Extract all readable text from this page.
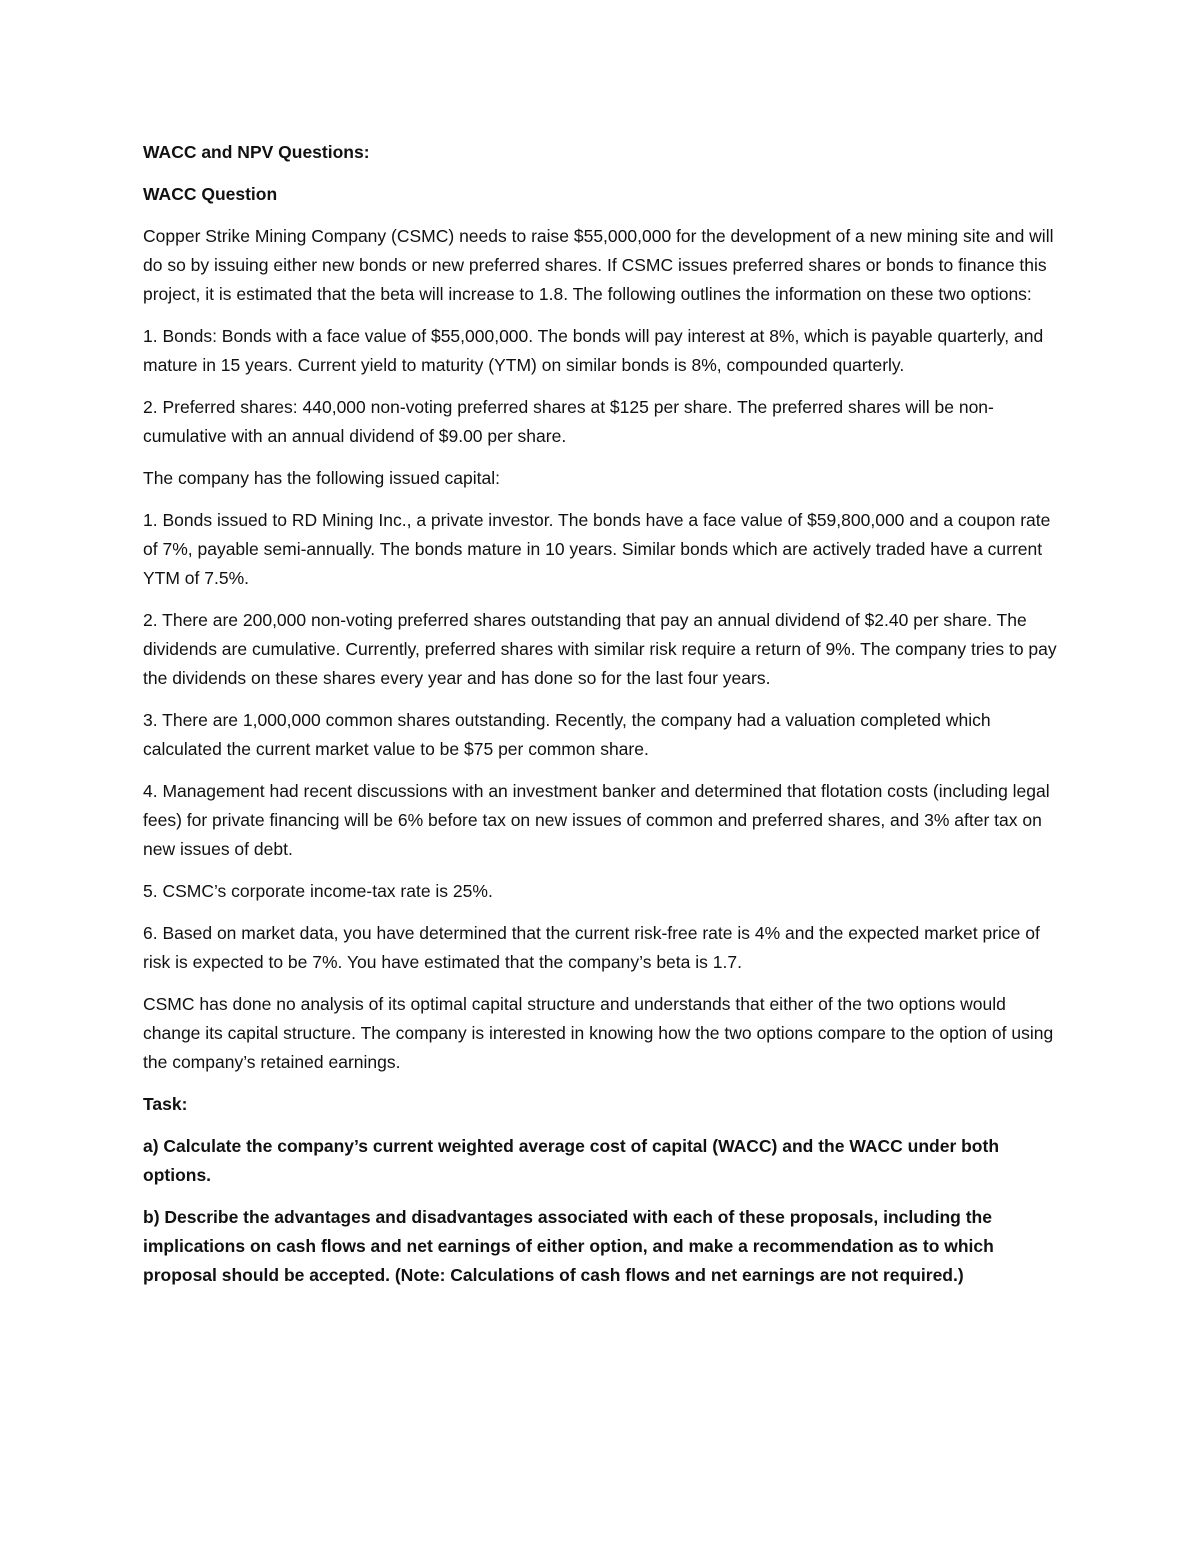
WACC and NPV Questions:

WACC Question

Copper Strike Mining Company (CSMC) needs to raise $55,000,000 for the development of a new mining site and will do so by issuing either new bonds or new preferred shares. If CSMC issues preferred shares or bonds to finance this project, it is estimated that the beta will increase to 1.8. The following outlines the information on these two options:

1. Bonds: Bonds with a face value of $55,000,000. The bonds will pay interest at 8%, which is payable quarterly, and mature in 15 years. Current yield to maturity (YTM) on similar bonds is 8%, compounded quarterly.

2. Preferred shares: 440,000 non-voting preferred shares at $125 per share. The preferred shares will be non-cumulative with an annual dividend of $9.00 per share.

The company has the following issued capital:

1. Bonds issued to RD Mining Inc., a private investor. The bonds have a face value of $59,800,000 and a coupon rate of 7%, payable semi-annually. The bonds mature in 10 years. Similar bonds which are actively traded have a current YTM of 7.5%.

2. There are 200,000 non-voting preferred shares outstanding that pay an annual dividend of $2.40 per share. The dividends are cumulative. Currently, preferred shares with similar risk require a return of 9%. The company tries to pay the dividends on these shares every year and has done so for the last four years.

3. There are 1,000,000 common shares outstanding. Recently, the company had a valuation completed which calculated the current market value to be $75 per common share.

4. Management had recent discussions with an investment banker and determined that flotation costs (including legal fees) for private financing will be 6% before tax on new issues of common and preferred shares, and 3% after tax on new issues of debt.

5. CSMC’s corporate income-tax rate is 25%.

6. Based on market data, you have determined that the current risk-free rate is 4% and the expected market price of risk is expected to be 7%. You have estimated that the company’s beta is 1.7.

CSMC has done no analysis of its optimal capital structure and understands that either of the two options would change its capital structure. The company is interested in knowing how the two options compare to the option of using the company’s retained earnings.

Task:

a) Calculate the company’s current weighted average cost of capital (WACC) and the WACC under both options.

b) Describe the advantages and disadvantages associated with each of these proposals, including the implications on cash flows and net earnings of either option, and make a recommendation as to which proposal should be accepted. (Note: Calculations of cash flows and net earnings are not required.)
